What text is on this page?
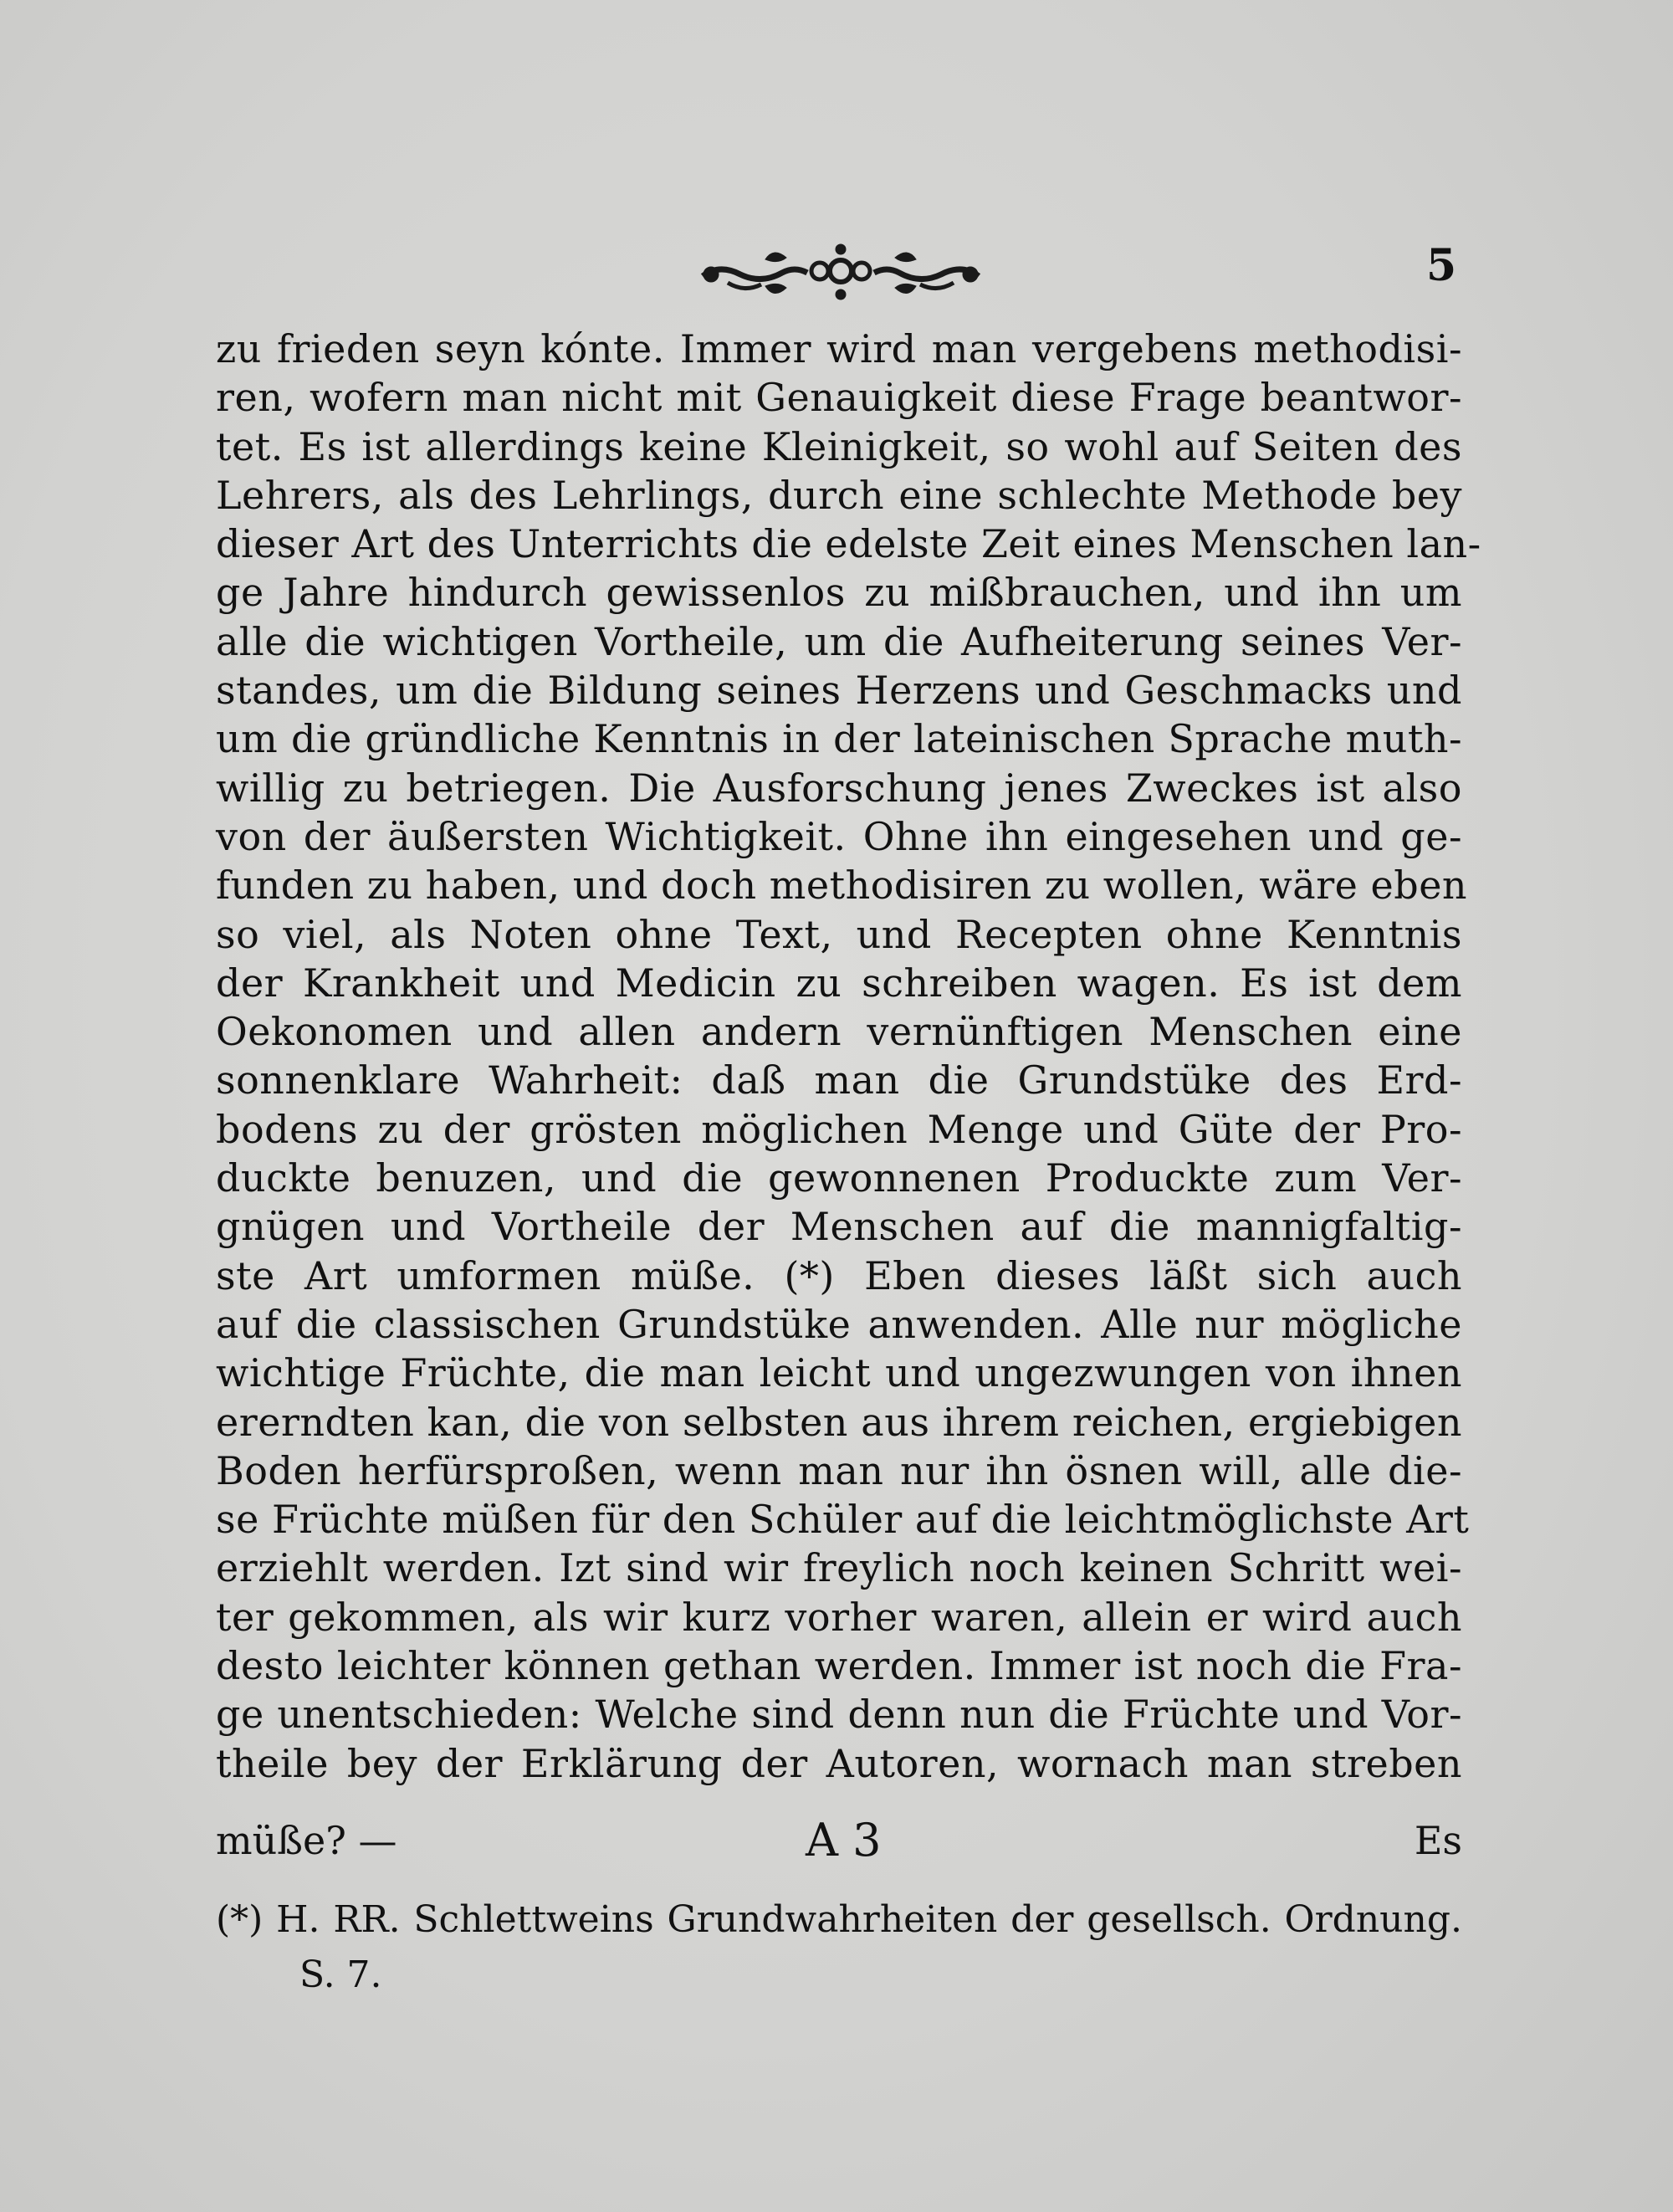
5
zu frieden seyn kónte. Immer wird man vergebens methodisi-
ren, wofern man nicht mit Genauigkeit diese Frage beantwor-
tet. Es ist allerdings keine Kleinigkeit, so wohl auf Seiten des
Lehrers, als des Lehrlings, durch eine schlechte Methode bey
dieser Art des Unterrichts die edelste Zeit eines Menschen lan-
ge Jahre hindurch gewissenlos zu mißbrauchen, und ihn um
alle die wichtigen Vortheile, um die Aufheiterung seines Ver-
standes, um die Bildung seines Herzens und Geschmacks und
um die gründliche Kenntnis in der lateinischen Sprache muth-
willig zu betriegen. Die Ausforschung jenes Zweckes ist also
von der äußersten Wichtigkeit. Ohne ihn eingesehen und ge-
funden zu haben, und doch methodisiren zu wollen, wäre eben
so viel, als Noten ohne Text, und Recepten ohne Kenntnis
der Krankheit und Medicin zu schreiben wagen. Es ist dem
Oekonomen und allen andern vernünftigen Menschen eine
sonnenklare Wahrheit: daß man die Grundstüke des Erd-
bodens zu der grösten möglichen Menge und Güte der Pro-
duckte benuzen, und die gewonnenen Produckte zum Ver-
gnügen und Vortheile der Menschen auf die mannigfaltig-
ste Art umformen müße. (*) Eben dieses läßt sich auch
auf die classischen Grundstüke anwenden. Alle nur mögliche
wichtige Früchte, die man leicht und ungezwungen von ihnen
ererndten kan, die von selbsten aus ihrem reichen, ergiebigen
Boden herfürsproßen, wenn man nur ihn ösnen will, alle die-
se Früchte müßen für den Schüler auf die leichtmöglichste Art
erziehlt werden. Izt sind wir freylich noch keinen Schritt wei-
ter gekommen, als wir kurz vorher waren, allein er wird auch
desto leichter können gethan werden. Immer ist noch die Fra-
ge unentschieden: Welche sind denn nun die Früchte und Vor-
theile bey der Erklärung der Autoren, wornach man streben
müße? —	A 3	Es
(*) H. RR. Schlettweins Grundwahrheiten der gesellsch. Ordnung.
S. 7.
